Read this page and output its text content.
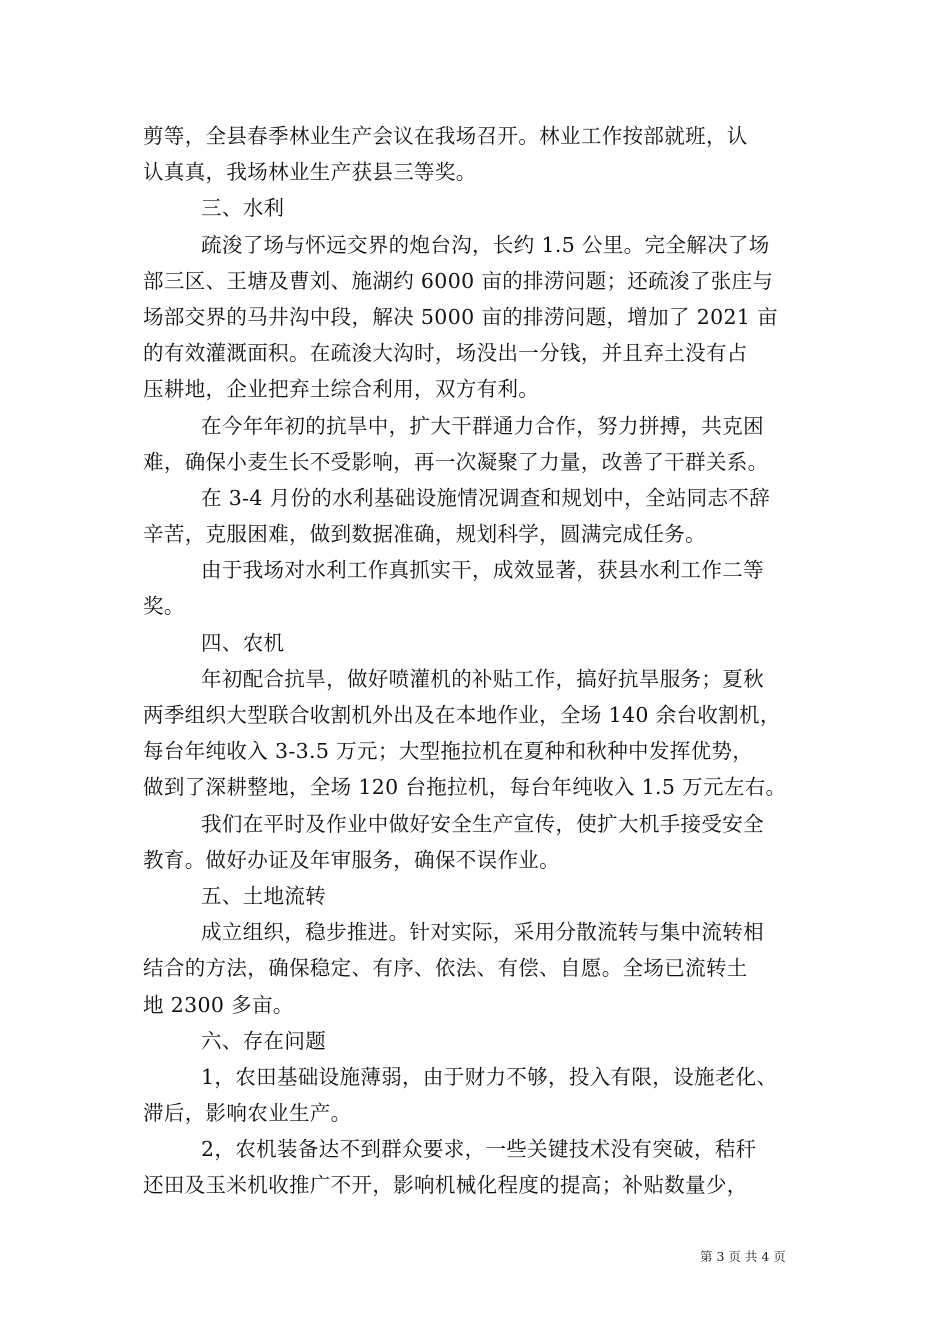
剪等，全县春季林业生产会议在我场召开。林业工作按部就班，认
认真真，我场林业生产获县三等奖。
三、水利
疏浚了场与怀远交界的炮台沟，长约 1.5 公里。完全解决了场
部三区、王塘及曹刘、施湖约 6000 亩的排涝问题；还疏浚了张庄与
场部交界的马井沟中段，解决 5000 亩的排涝问题，增加了 2021 亩
的有效灌溉面积。在疏浚大沟时，场没出一分钱，并且弃土没有占
压耕地，企业把弃土综合利用，双方有利。
在今年年初的抗旱中，扩大干群通力合作，努力拼搏，共克困
难，确保小麦生长不受影响，再一次凝聚了力量，改善了干群关系。
在 3-4 月份的水利基础设施情况调查和规划中，全站同志不辞
辛苦，克服困难，做到数据准确，规划科学，圆满完成任务。
由于我场对水利工作真抓实干，成效显著，获县水利工作二等
奖。
四、农机
年初配合抗旱，做好喷灌机的补贴工作，搞好抗旱服务；夏秋
两季组织大型联合收割机外出及在本地作业，全场 140 余台收割机，
每台年纯收入 3-3.5 万元；大型拖拉机在夏种和秋种中发挥优势，
做到了深耕整地，全场 120 台拖拉机，每台年纯收入 1.5 万元左右。
我们在平时及作业中做好安全生产宣传，使扩大机手接受安全
教育。做好办证及年审服务，确保不误作业。
五、土地流转
成立组织，稳步推进。针对实际，采用分散流转与集中流转相
结合的方法，确保稳定、有序、依法、有偿、自愿。全场已流转土
地 2300 多亩。
六、存在问题
1，农田基础设施薄弱，由于财力不够，投入有限，设施老化、
滞后，影响农业生产。
2，农机装备达不到群众要求，一些关键技术没有突破，秸秆
还田及玉米机收推广不开，影响机械化程度的提高；补贴数量少，
第 3 页 共 4 页
